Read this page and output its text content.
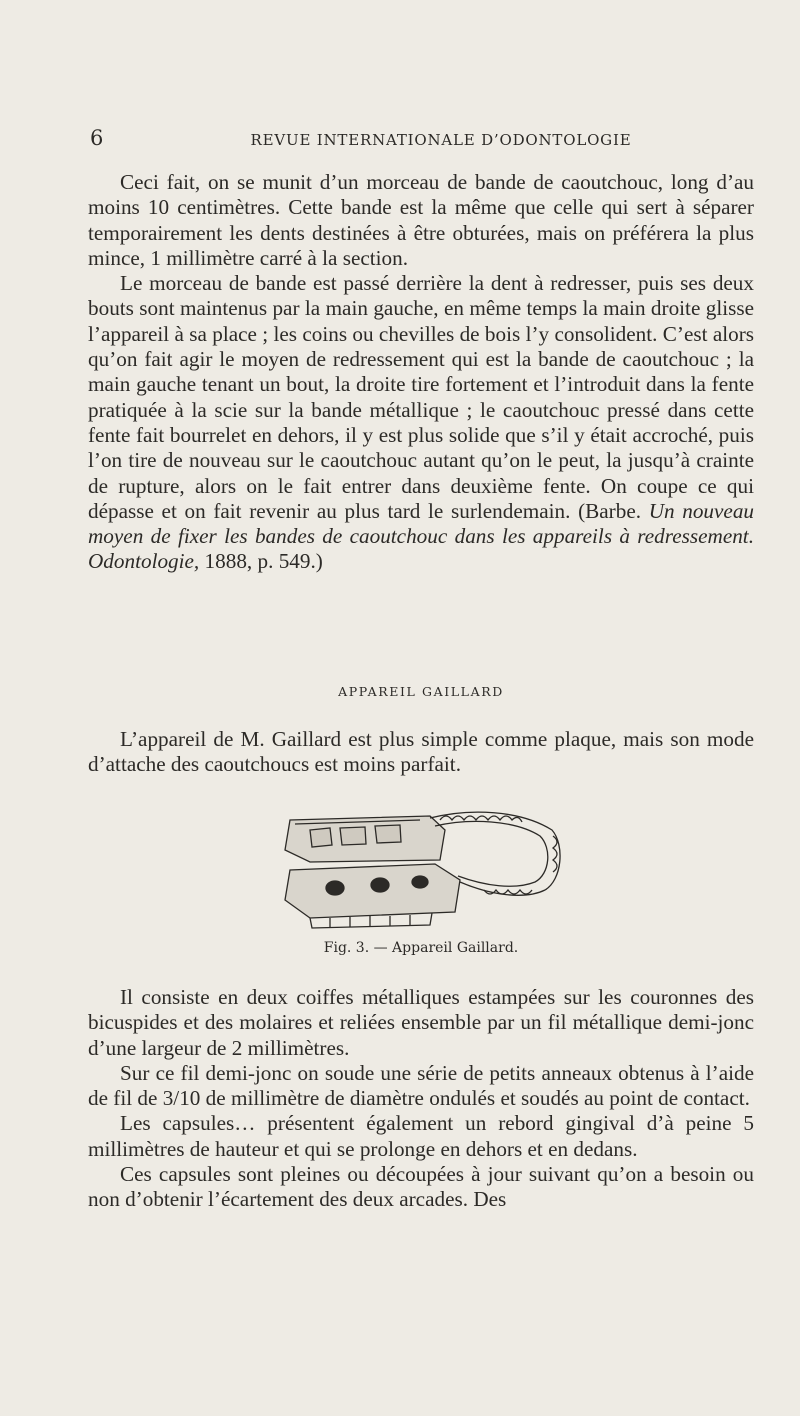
6	REVUE INTERNATIONALE D’ODONTOLOGIE

Ceci fait, on se munit d’un morceau de bande de caoutchouc, long d’au moins 10 centimètres. Cette bande est la même que celle qui sert à séparer temporairement les dents destinées à être obturées, mais on préférera la plus mince, 1 millimètre carré à la section.

Le morceau de bande est passé derrière la dent à redresser, puis ses deux bouts sont maintenus par la main gauche, en même temps la main droite glisse l’appareil à sa place ; les coins ou chevilles de bois l’y consolident. C’est alors qu’on fait agir le moyen de redressement qui est la bande de caoutchouc ; la main gauche tenant un bout, la droite tire fortement et l’introduit dans la fente pratiquée à la scie sur la bande métallique ; le caoutchouc pressé dans cette fente fait bourrelet en dehors, il y est plus solide que s’il y était accroché, puis l’on tire de nouveau sur le caoutchouc autant qu’on le peut, la jusqu’à crainte de rupture, alors on le fait entrer dans deuxième fente. On coupe ce qui dépasse et on fait revenir au plus tard le surlendemain. (Barbe. Un nouveau moyen de fixer les bandes de caoutchouc dans les appareils à redressement. Odontologie, 1888, p. 549.)

APPAREIL GAILLARD

L’appareil de M. Gaillard est plus simple comme plaque, mais son mode d’attache des caoutchoucs est moins parfait.

Fig. 3. — Appareil Gaillard.

Il consiste en deux coiffes métalliques estampées sur les couronnes des bicuspides et des molaires et reliées ensemble par un fil métallique demi-jonc d’une largeur de 2 millimètres.

Sur ce fil demi-jonc on soude une série de petits anneaux obtenus à l’aide de fil de 3/10 de millimètre de diamètre ondulés et soudés au point de contact.

Les capsules… présentent également un rebord gingival d’à peine 5 millimètres de hauteur et qui se prolonge en dehors et en dedans.

Ces capsules sont pleines ou découpées à jour suivant qu’on a besoin ou non d’obtenir l’écartement des deux arcades. Des
